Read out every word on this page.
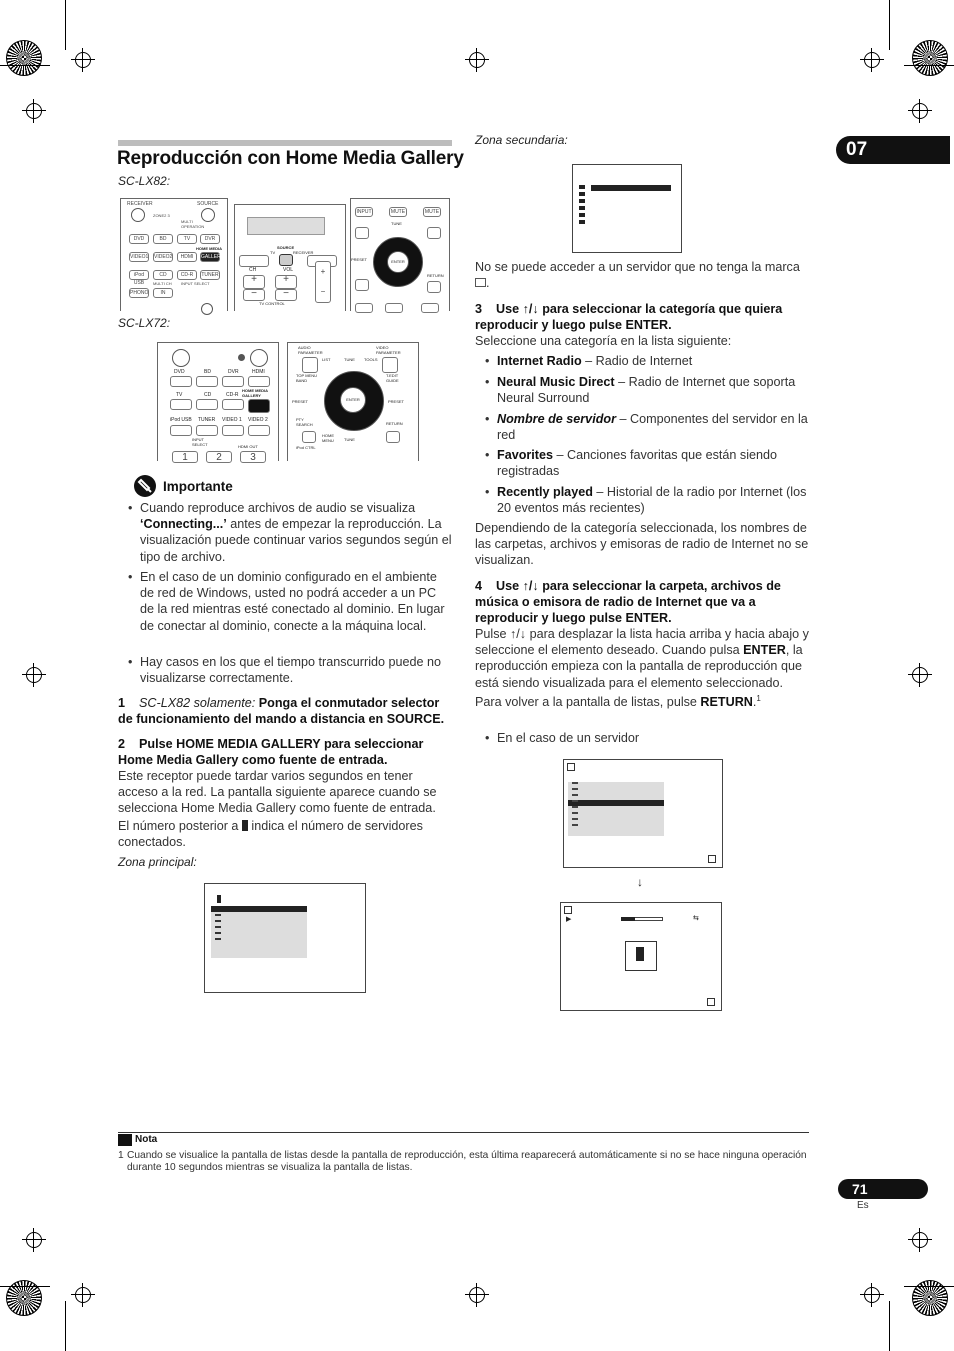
07
Reproducción con Home Media Gallery
SC-LX82:
RECEIVER	SOURCE
ZONE2 3
MULTI OPERATION
DVD	BD	TV	DVR
HOME MEDIA
VIDEO1 VIDEO2	HDMI	GALLERY
iPod USB
CD	CD-R	TUNER
MULTI CH INPUT SELECT
PHONO	IN
SOURCE
TV	RECEIVER
CH	VOL
+	+
−	−
+
−
TV CONTROL
INPUT	MUTE	MUTE
TUNE
ENTER
PRESET
RETURN
SC-LX72:
DVD	BD	DVR	HDMI
TV	CD	CD-R
HOME MEDIA GALLERY
iPod USB TUNER VIDEO 1 VIDEO 2
INPUT SELECT	HDMI OUT
1	2	3
AUDIO PARAMETER
VIDEO PARAMETER
LIST	TUNE TOOLS
TOP MENU BAND
T.EDIT GUIDE
ENTER
PRESET	PRESET
PTY SEARCH	RETURN
HOME MENU	TUNE
iPod CTRL
Importante
• Cuando reproduce archivos de audio se visualiza ‘Connecting...’ antes de empezar la reproducción. La visualización puede continuar varios segundos según el tipo de archivo.
• En el caso de un dominio configurado en el ambiente de red de Windows, usted no podrá acceder a un PC de la red mientras esté conectado al dominio. En lugar de conectar al dominio, conecte a la máquina local.
• Hay casos en los que el tiempo transcurrido puede no visualizarse correctamente.
1 SC-LX82 solamente: Ponga el conmutador selector de funcionamiento del mando a distancia en SOURCE.
2 Pulse HOME MEDIA GALLERY para seleccionar Home Media Gallery como fuente de entrada.
Este receptor puede tardar varios segundos en tener acceso a la red. La pantalla siguiente aparece cuando se selecciona Home Media Gallery como fuente de entrada.
El número posterior a indica el número de servidores conectados.
Zona principal:
Zona secundaria:
No se puede acceder a un servidor que no tenga la marca .
3 Use ↑/↓ para seleccionar la categoría que quiera reproducir y luego pulse ENTER.
Seleccione una categoría en la lista siguiente:
• Internet Radio – Radio de Internet
• Neural Music Direct – Radio de Internet que soporta Neural Surround
• Nombre de servidor – Componentes del servidor en la red
• Favorites – Canciones favoritas que están siendo registradas
• Recently played – Historial de la radio por Internet (los 20 eventos más recientes)
Dependiendo de la categoría seleccionada, los nombres de las carpetas, archivos y emisoras de radio de Internet no se visualizan.
4 Use ↑/↓ para seleccionar la carpeta, archivos de música o emisora de radio de Internet que va a reproducir y luego pulse ENTER.
Pulse ↑/↓ para desplazar la lista hacia arriba y hacia abajo y seleccione el elemento deseado. Cuando pulsa ENTER, la reproducción empieza con la pantalla de reproducción que está siendo visualizada para el elemento seleccionado. Para volver a la pantalla de listas, pulse RETURN.$^1$
• En el caso de un servidor
↓
▶	⇆
Nota
1 Cuando se visualice la pantalla de listas desde la pantalla de reproducción, esta última reaparecerá automáticamente si no se hace ninguna operación durante 10 segundos mientras se visualiza la pantalla de listas.
71
Es
